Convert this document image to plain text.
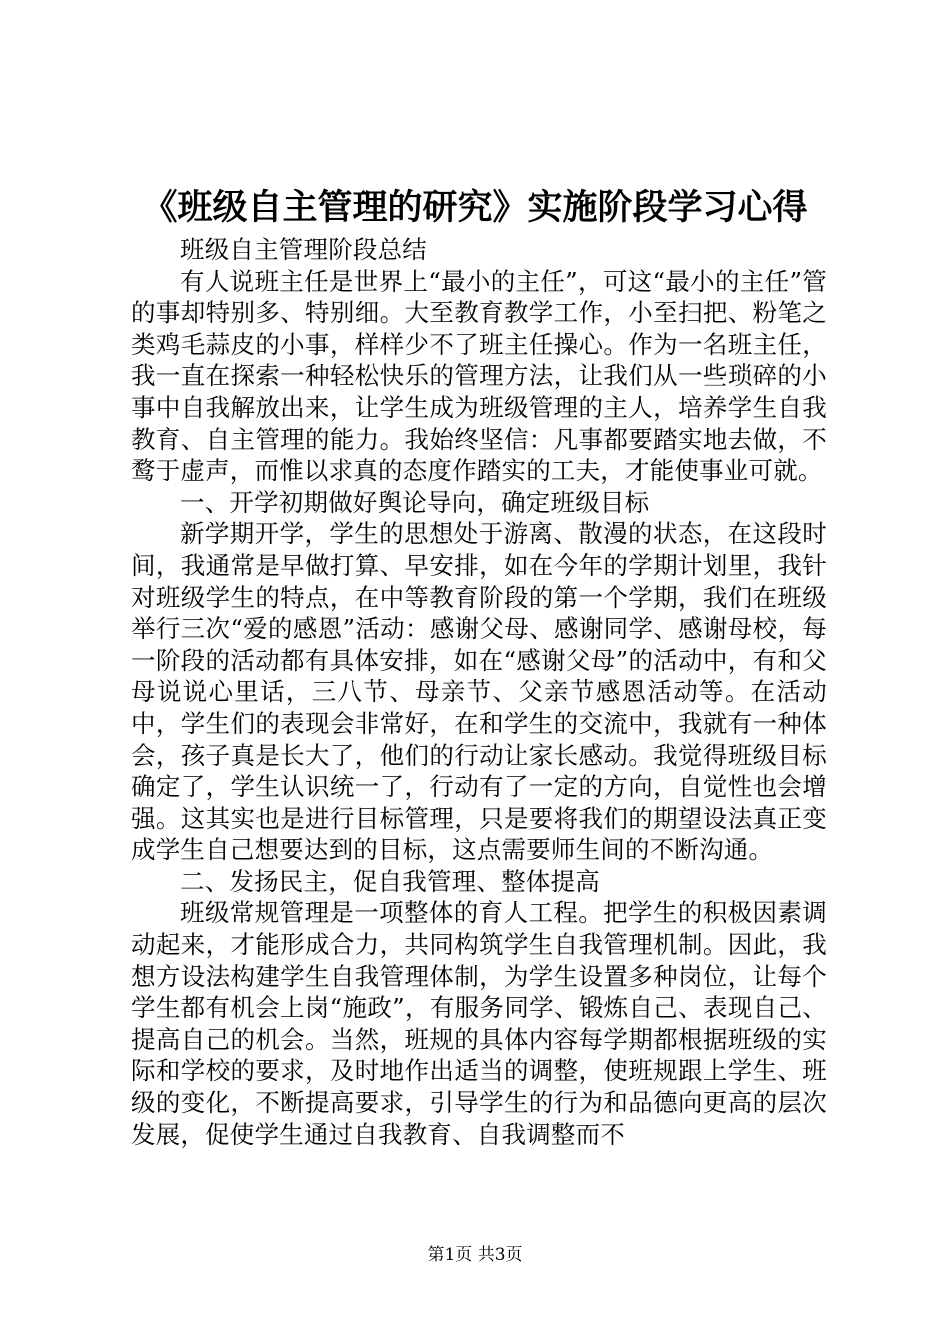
《班级自主管理的研究》实施阶段学习心得

班级自主管理阶段总结

有人说班主任是世界上“最小的主任”，可这“最小的主任”管的事却特别多、特别细。大至教育教学工作，小至扫把、粉笔之类鸡毛蒜皮的小事，样样少不了班主任操心。作为一名班主任，我一直在探索一种轻松快乐的管理方法，让我们从一些琐碎的小事中自我解放出来，让学生成为班级管理的主人，培养学生自我教育、自主管理的能力。我始终坚信：凡事都要踏实地去做，不鹜于虚声，而惟以求真的态度作踏实的工夫，才能使事业可就。

一、开学初期做好舆论导向，确定班级目标

新学期开学，学生的思想处于游离、散漫的状态，在这段时间，我通常是早做打算、早安排，如在今年的学期计划里，我针对班级学生的特点，在中等教育阶段的第一个学期，我们在班级举行三次“爱的感恩”活动：感谢父母、感谢同学、感谢母校，每一阶段的活动都有具体安排，如在“感谢父母”的活动中，有和父母说说心里话，三八节、母亲节、父亲节感恩活动等。在活动中，学生们的表现会非常好，在和学生的交流中，我就有一种体会，孩子真是长大了，他们的行动让家长感动。我觉得班级目标确定了，学生认识统一了，行动有了一定的方向，自觉性也会增强。这其实也是进行目标管理，只是要将我们的期望设法真正变成学生自己想要达到的目标，这点需要师生间的不断沟通。

二、发扬民主，促自我管理、整体提高

班级常规管理是一项整体的育人工程。把学生的积极因素调动起来，才能形成合力，共同构筑学生自我管理机制。因此，我想方设法构建学生自我管理体制，为学生设置多种岗位，让每个学生都有机会上岗“施政”，有服务同学、锻炼自己、表现自己、提高自己的机会。当然，班规的具体内容每学期都根据班级的实际和学校的要求，及时地作出适当的调整，使班规跟上学生、班级的变化，不断提高要求，引导学生的行为和品德向更高的层次发展，促使学生通过自我教育、自我调整而不

第1页 共3页
